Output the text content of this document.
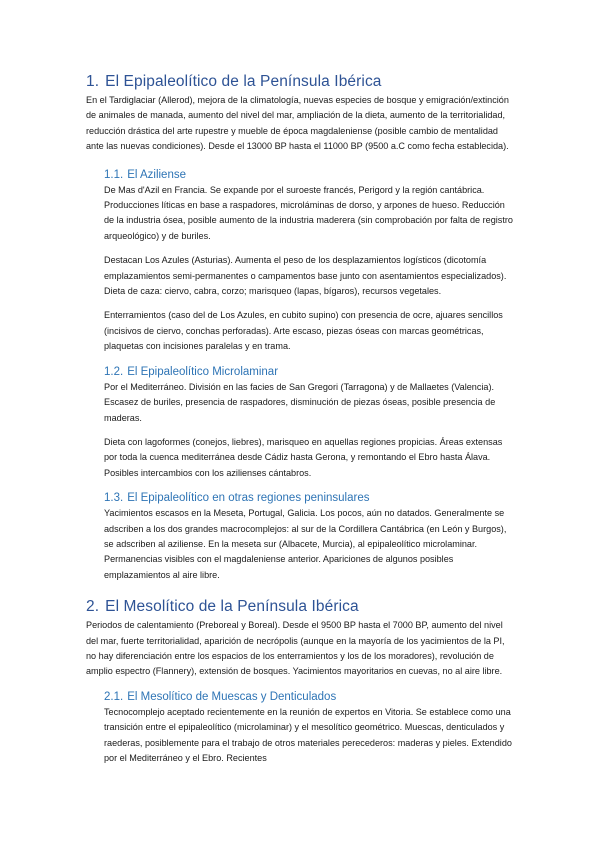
1. El Epipaleolítico de la Península Ibérica

En el Tardiglaciar (Allerod), mejora de la climatología, nuevas especies de bosque y emigración/extinción de animales de manada, aumento del nivel del mar, ampliación de la dieta, aumento de la territorialidad, reducción drástica del arte rupestre y mueble de época magdaleniense (posible cambio de mentalidad ante las nuevas condiciones). Desde el 13000 BP hasta el 11000 BP (9500 a.C como fecha establecida).

1.1. El Aziliense

De Mas d'Azil en Francia. Se expande por el suroeste francés, Perigord y la región cantábrica. Producciones líticas en base a raspadores, microláminas de dorso, y arpones de hueso. Reducción de la industria ósea, posible aumento de la industria maderera (sin comprobación por falta de registro arqueológico) y de buriles.

Destacan Los Azules (Asturias). Aumenta el peso de los desplazamientos logísticos (dicotomía emplazamientos semi-permanentes o campamentos base junto con asentamientos especializados). Dieta de caza: ciervo, cabra, corzo; marisqueo (lapas, bígaros), recursos vegetales.

Enterramientos (caso del de Los Azules, en cubito supino) con presencia de ocre, ajuares sencillos (incisivos de ciervo, conchas perforadas). Arte escaso, piezas óseas con marcas geométricas, plaquetas con incisiones paralelas y en trama.

1.2. El Epipaleolítico Microlaminar

Por el Mediterráneo. División en las facies de San Gregori (Tarragona) y de Mallaetes (Valencia). Escasez de buriles, presencia de raspadores, disminución de piezas óseas, posible presencia de maderas.

Dieta con lagoformes (conejos, liebres), marisqueo en aquellas regiones propicias. Áreas extensas por toda la cuenca mediterránea desde Cádiz hasta Gerona, y remontando el Ebro hasta Álava. Posibles intercambios con los azilienses cántabros.

1.3. El Epipaleolítico en otras regiones peninsulares

Yacimientos escasos en la Meseta, Portugal, Galicia. Los pocos, aún no datados. Generalmente se adscriben a los dos grandes macrocomplejos: al sur de la Cordillera Cantábrica (en León y Burgos), se adscriben al aziliense. En la meseta sur (Albacete, Murcia), al epipaleolítico microlaminar. Permanencias visibles con el magdaleniense anterior. Apariciones de algunos posibles emplazamientos al aire libre.

2. El Mesolítico de la Península Ibérica

Periodos de calentamiento (Preboreal y Boreal). Desde el 9500 BP hasta el 7000 BP, aumento del nivel del mar, fuerte territorialidad, aparición de necrópolis (aunque en la mayoría de los yacimientos de la PI, no hay diferenciación entre los espacios de los enterramientos y los de los moradores), revolución de amplio espectro (Flannery), extensión de bosques. Yacimientos mayoritarios en cuevas, no al aire libre.

2.1. El Mesolítico de Muescas y Denticulados

Tecnocomplejo aceptado recientemente en la reunión de expertos en Vitoria. Se establece como una transición entre el epipaleolítico (microlaminar) y el mesolítico geométrico. Muescas, denticulados y raederas, posiblemente para el trabajo de otros materiales perecederos: maderas y pieles. Extendido por el Mediterráneo y el Ebro. Recientes
